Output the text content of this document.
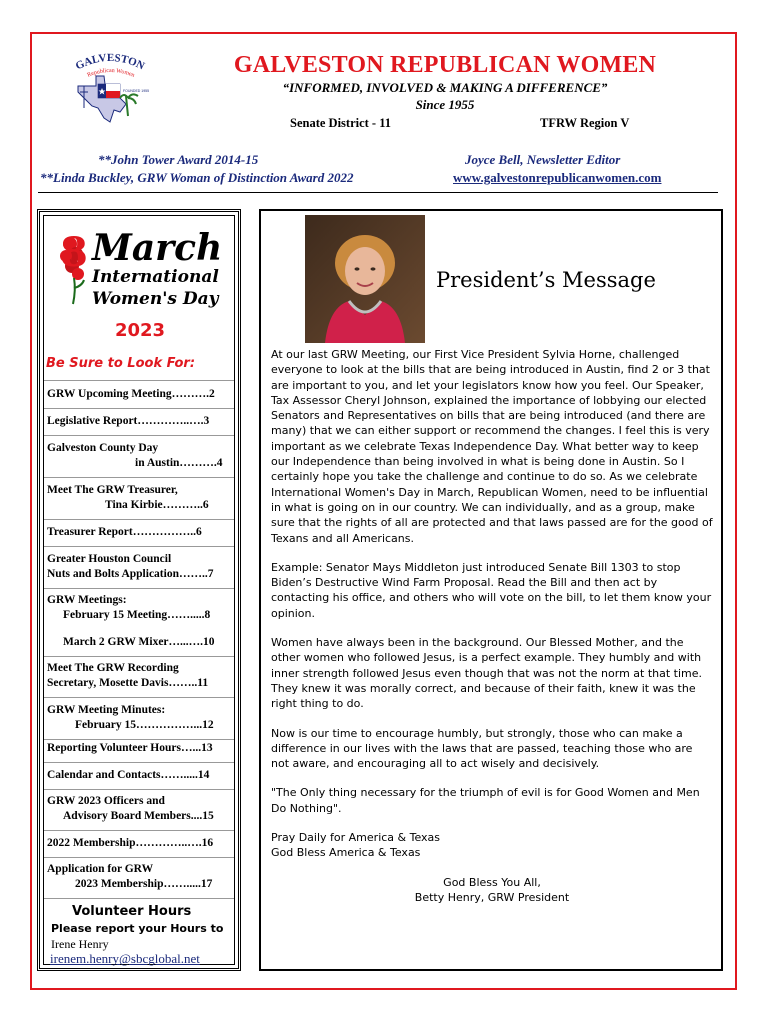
GALVESTON
Republican Women
FOUNDED 1955
GALVESTON REPUBLICAN WOMEN
“INFORMED, INVOLVED & MAKING A DIFFERENCE”
Since 1955
Senate District - 11	TFRW Region V
**John Tower Award 2014-15
**Linda Buckley, GRW Woman of Distinction Award 2022
Joyce Bell, Newsletter Editor
www.galvestonrepublicanwomen.com
8 March
International
Women's Day
2023
Be Sure to Look For:
GRW Upcoming Meeting……….2
Legislative Report…………..….3
Galveston County Day
in Austin……….4
Meet The GRW Treasurer,
Tina Kirbie………..6
Treasurer Report……………..6
Greater Houston Council
Nuts and Bolts Application……..7
GRW Meetings:
February 15 Meeting…….....8
March 2 GRW Mixer…...….10
Meet The GRW Recording
Secretary, Mosette Davis……..11
GRW Meeting Minutes:
February 15……………...12
Reporting Volunteer Hours…...13
Calendar and Contacts…….....14
GRW 2023 Officers and
Advisory Board Members....15
2022 Membership…………..….16
Application for GRW
2023 Membership…….....17
Volunteer Hours
Please report your Hours to
Irene Henry
irenem.henry@sbcglobal.net
President’s Message

At our last GRW Meeting, our First Vice President Sylvia Horne, challenged everyone to look at the bills that are being introduced in Austin, find 2 or 3 that are important to you, and let your legislators know how you feel. Our Speaker, Tax Assessor Cheryl Johnson, explained the importance of lobbying our elected Senators and Representatives on bills that are being introduced (and there are many) that we can either support or recommend the changes. I feel this is very important as we celebrate Texas Independence Day. What better way to keep our Independence than being involved in what is being done in Austin. So I certainly hope you take the challenge and continue to do so. As we celebrate International Women's Day in March, Republican Women, need to be influential in what is going on in our country. We can individually, and as a group, make sure that the rights of all are protected and that laws passed are for the good of Texans and all Americans.

Example: Senator Mays Middleton just introduced Senate Bill 1303 to stop Biden’s Destructive Wind Farm Proposal. Read the Bill and then act by contacting his office, and others who will vote on the bill, to let them know your opinion.

Women have always been in the background. Our Blessed Mother, and the other women who followed Jesus, is a perfect example. They humbly and with inner strength followed Jesus even though that was not the norm at that time. They knew it was morally correct, and because of their faith, knew it was the right thing to do.

Now is our time to encourage humbly, but strongly, those who can make a difference in our lives with the laws that are passed, teaching those who are not aware, and encouraging all to act wisely and decisively.

"The Only thing necessary for the triumph of evil is for Good Women and Men Do Nothing".

Pray Daily for America & Texas
God Bless America & Texas

God Bless You All,
Betty Henry, GRW President
